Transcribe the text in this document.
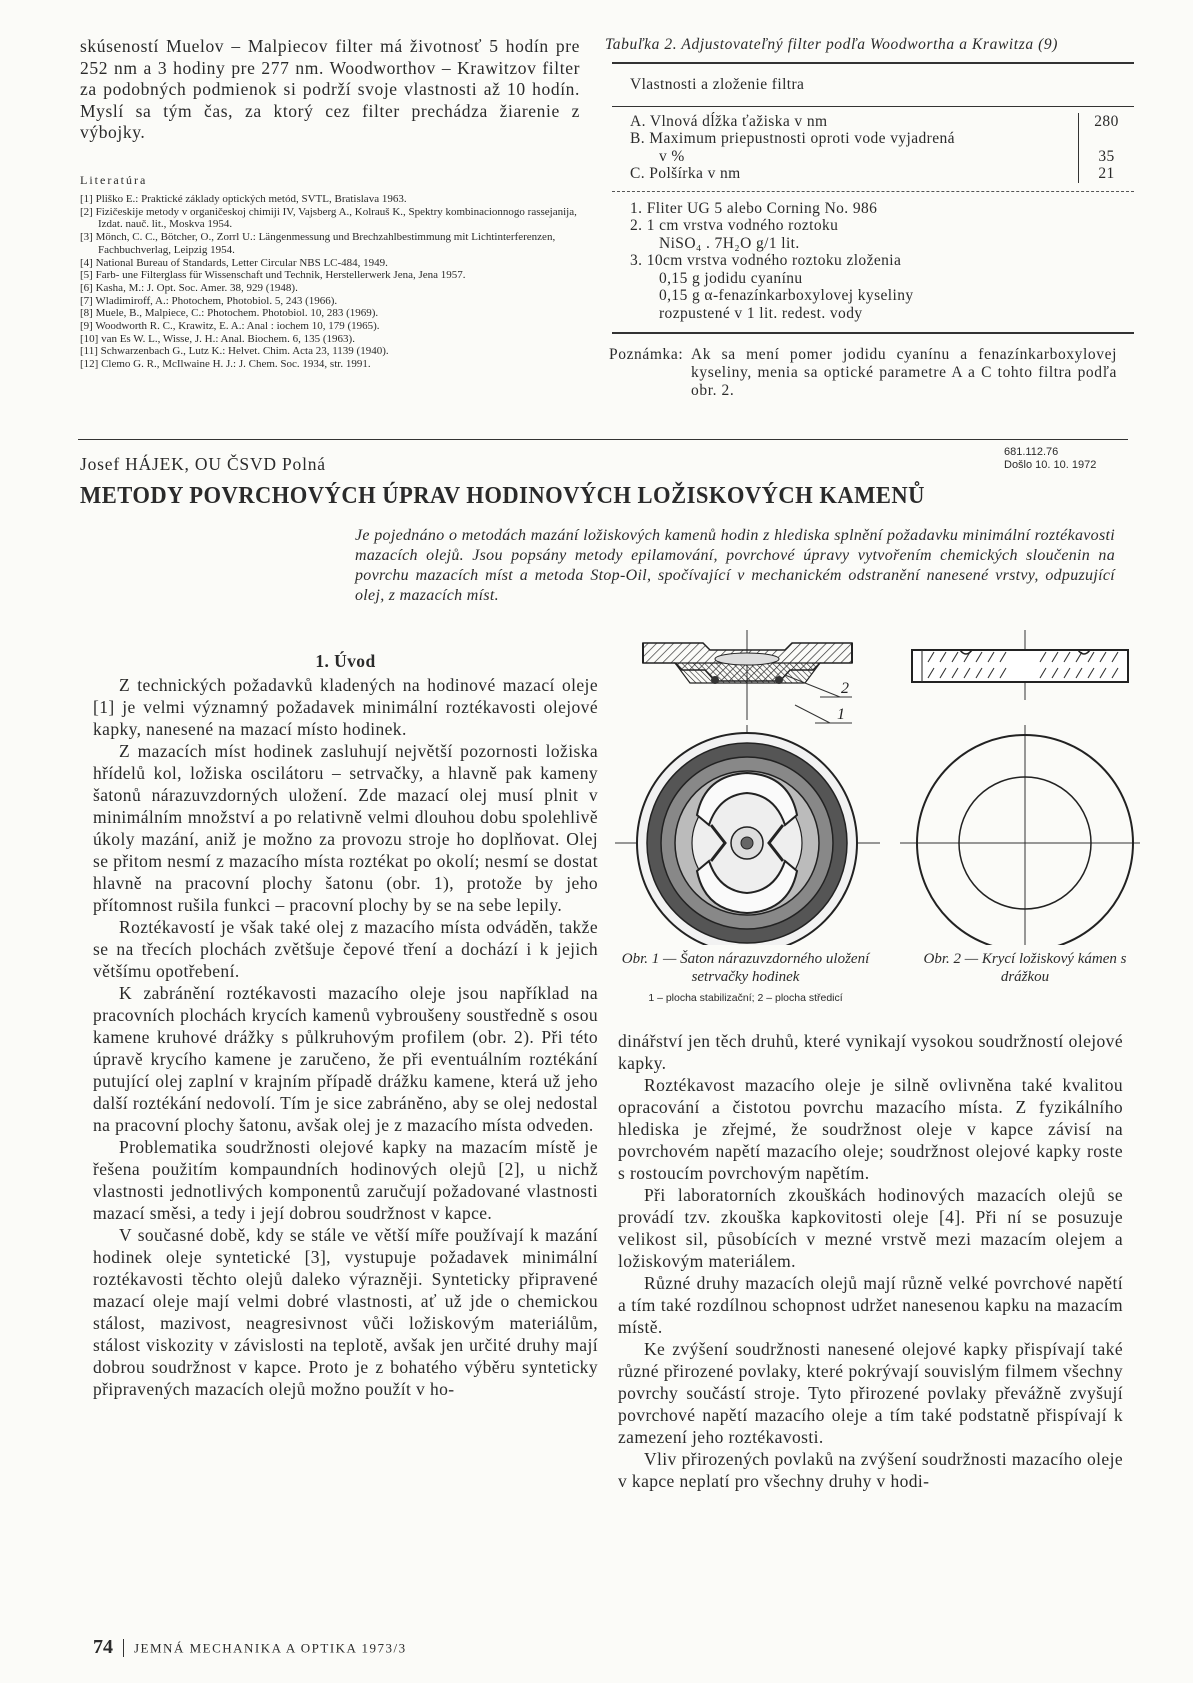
skúseností Muelov – Malpiecov filter má životnosť 5 hodín pre 252 nm a 3 hodiny pre 277 nm. Woodworthov – Krawitzov filter za podobných podmienok si podrží svoje vlastnosti až 10 hodín. Myslí sa tým čas, za ktorý cez filter prechádza žiarenie z výbojky.

Literatúra
[1] Pliško E.: Praktické základy optických metód, SVTL, Bratislava 1963.
[2] Fizičeskije metody v organičeskoj chimiji IV, Vajsberg A., Kolrauš K., Spektry kombinacionnogo rassejanija, Izdat. nauč. lit., Moskva 1954.
[3] Mönch, C. C., Bötcher, O., Zorrl U.: Längenmessung und Brechzahlbestimmung mit Lichtinterferenzen, Fachbuchverlag, Leipzig 1954.
[4] National Bureau of Standards, Letter Circular NBS LC-484, 1949.
[5] Farb- une Filterglass für Wissenschaft und Technik, Herstellerwerk Jena, Jena 1957.
[6] Kasha, M.: J. Opt. Soc. Amer. 38, 929 (1948).
[7] Wladimiroff, A.: Photochem, Photobiol. 5, 243 (1966).
[8] Muele, B., Malpiece, C.: Photochem. Photobiol. 10, 283 (1969).
[9] Woodworth R. C., Krawitz, E. A.: Anal : iochem 10, 179 (1965).
[10] van Es W. L., Wisse, J. H.: Anal. Biochem. 6, 135 (1963).
[11] Schwarzenbach G., Lutz K.: Helvet. Chim. Acta 23, 1139 (1940).
[12] Clemo G. R., McIlwaine H. J.: J. Chem. Soc. 1934, str. 1991.
Tabuľka 2. Adjustovateľný filter podľa Woodwortha a Krawitza (9)
Vlastnosti a zloženie filtra
A. Vlnová dĺžka ťažiska v nm
B. Maximum priepustnosti oproti vode vyjadrená
v %
C. Polšírka v nm
280
35
21
1. Fliter UG 5 alebo Corning No. 986
2. 1 cm vrstva vodného roztoku
NiSO₄ . 7H₂O g/1 lit.
3. 10cm vrstva vodného roztoku zloženia
0,15 g jodidu cyanínu
0,15 g α-fenazínkarboxylovej kyseliny
rozpustené v 1 lit. redest. vody
Poznámka: Ak sa mení pomer jodidu cyanínu a fenazínkarboxylovej kyseliny, menia sa optické parametre A a C tohto filtra podľa obr. 2.
Josef HÁJEK, OU ČSVD Polná
681.112.76
Došlo 10. 10. 1972
METODY POVRCHOVÝCH ÚPRAV HODINOVÝCH LOŽISKOVÝCH KAMENŮ

Je pojednáno o metodách mazání ložiskových kamenů hodin z hlediska splnění požadavku minimální roztékavosti mazacích olejů. Jsou popsány metody epilamování, povrchové úpravy vytvořením chemických sloučenin na povrchu mazacích míst a metoda Stop-Oil, spočívající v mechanickém odstranění nanesené vrstvy, odpuzující olej, z mazacích míst.

1. Úvod

Z technických požadavků kladených na hodinové mazací oleje [1] je velmi významný požadavek minimální roztékavosti olejové kapky, nanesené na mazací místo hodinek.

Z mazacích míst hodinek zasluhují největší pozornosti ložiska hřídelů kol, ložiska oscilátoru – setrvačky, a hlavně pak kameny šatonů nárazuvzdorných uložení. Zde mazací olej musí plnit v minimálním množství a po relativně velmi dlouhou dobu spolehlivě úkoly mazání, aniž je možno za provozu stroje ho doplňovat. Olej se přitom nesmí z mazacího místa roztékat po okolí; nesmí se dostat hlavně na pracovní plochy šatonu (obr. 1), protože by jeho přítomnost rušila funkci – pracovní plochy by se na sebe lepily.

Roztékavostí je však také olej z mazacího místa odváděn, takže se na třecích plochách zvětšuje čepové tření a dochází i k jejich většímu opotřebení.

K zabránění roztékavosti mazacího oleje jsou například na pracovních plochách krycích kamenů vybroušeny soustředně s osou kamene kruhové drážky s půlkruhovým profilem (obr. 2). Při této úpravě krycího kamene je zaručeno, že při eventuálním roztékání putující olej zaplní v krajním případě drážku kamene, která už jeho další roztékání nedovolí. Tím je sice zabráněno, aby se olej nedostal na pracovní plochy šatonu, avšak olej je z mazacího místa odveden.

Problematika soudržnosti olejové kapky na mazacím místě je řešena použitím kompaundních hodinových olejů [2], u nichž vlastnosti jednotlivých komponentů zaručují požadované vlastnosti mazací směsi, a tedy i její dobrou soudržnost v kapce.

V současné době, kdy se stále ve větší míře používají k mazání hodinek oleje syntetické [3], vystupuje požadavek minimální roztékavosti těchto olejů daleko výrazněji. Synteticky připravené mazací oleje mají velmi dobré vlastnosti, ať už jde o chemickou stálost, mazivost, neagresivnost vůči ložiskovým materiálům, stálost viskozity v závislosti na teplotě, avšak jen určité druhy mají dobrou soudržnost v kapce. Proto je z bohatého výběru synteticky připravených mazacích olejů možno použít v ho-

2
1
Obr. 1 — Šaton nárazuvzdorného uložení setrvačky hodinek
1 – plocha stabilizační; 2 – plocha středicí
Obr. 2 — Krycí ložiskový kámen s drážkou

dinářství jen těch druhů, které vynikají vysokou soudržností olejové kapky.

Roztékavost mazacího oleje je silně ovlivněna také kvalitou opracování a čistotou povrchu mazacího místa. Z fyzikálního hlediska je zřejmé, že soudržnost oleje v kapce závisí na povrchovém napětí mazacího oleje; soudržnost olejové kapky roste s rostoucím povrchovým napětím.

Při laboratorních zkouškách hodinových mazacích olejů se provádí tzv. zkouška kapkovitosti oleje [4]. Při ní se posuzuje velikost sil, působících v mezné vrstvě mezi mazacím olejem a ložiskovým materiálem.

Různé druhy mazacích olejů mají různě velké povrchové napětí a tím také rozdílnou schopnost udržet nanesenou kapku na mazacím místě.

Ke zvýšení soudržnosti nanesené olejové kapky přispívají také různé přirozené povlaky, které pokrývají souvislým filmem všechny povrchy součástí stroje. Tyto přirozené povlaky převážně zvyšují povrchové napětí mazacího oleje a tím také podstatně přispívají k zamezení jeho roztékavosti.

Vliv přirozených povlaků na zvýšení soudržnosti mazacího oleje v kapce neplatí pro všechny druhy v hodi-

74 JEMNÁ MECHANIKA A OPTIKA 1973/3
